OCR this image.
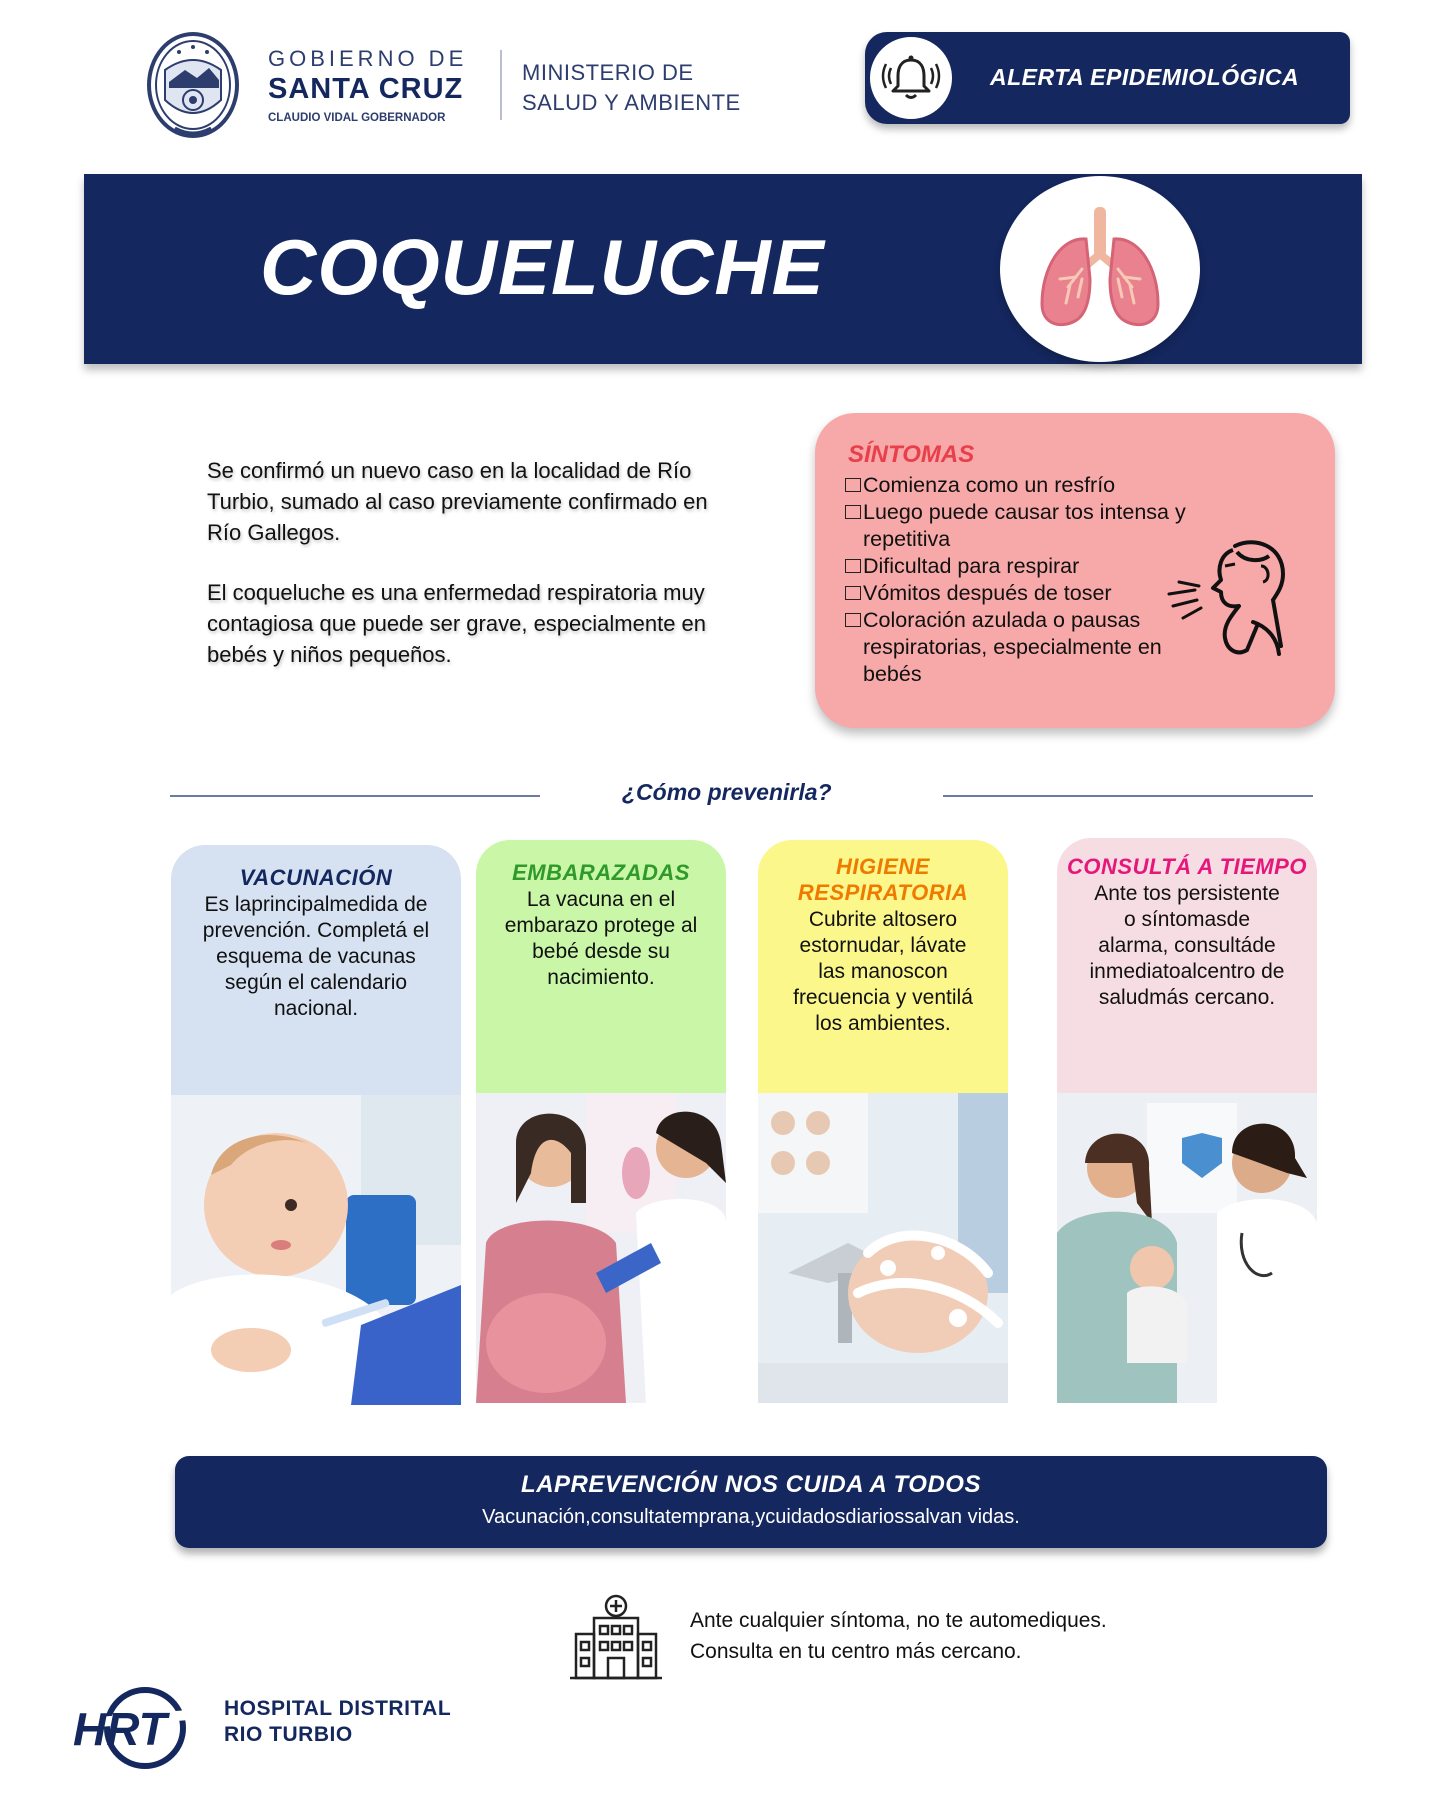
GOBIERNO DE
SANTA CRUZ
CLAUDIO VIDAL GOBERNADOR
MINISTERIO DE
SALUD Y AMBIENTE
ALERTA EPIDEMIOLÓGICA
COQUELUCHE

Se confirmó un nuevo caso en la localidad de Río Turbio, sumado al caso previamente confirmado en Río Gallegos.

El coqueluche es una enfermedad respiratoria muy contagiosa que puede ser grave, especialmente en bebés y niños pequeños.

SÍNTOMAS
Comienza como un resfrío
Luego puede causar tos intensa y repetitiva
Dificultad para respirar
Vómitos después de toser
Coloración azulada o pausas respiratorias, especialmente en bebés
¿Cómo prevenirla?
VACUNACIÓN
Es laprincipalmedida de prevención. Completá el esquema de vacunas según el calendario nacional.
EMBARAZADAS
La vacuna en el embarazo protege al bebé desde su nacimiento.
HIGIENE RESPIRATORIA
Cubrite altosero estornudar, lávate las manoscon frecuencia y ventilá los ambientes.
CONSULTÁ A TIEMPO
Ante tos persistente o síntomasde alarma, consultáde inmediatoalcentro de saludmás cercano.
LAPREVENCIÓN NOS CUIDA A TODOS
Vacunación,consultatemprana,ycuidadosdiariossalvan vidas.
Ante cualquier síntoma, no te automediques.
Consulta en tu centro más cercano.
HRT	HOSPITAL DISTRITAL
RIO TURBIO
